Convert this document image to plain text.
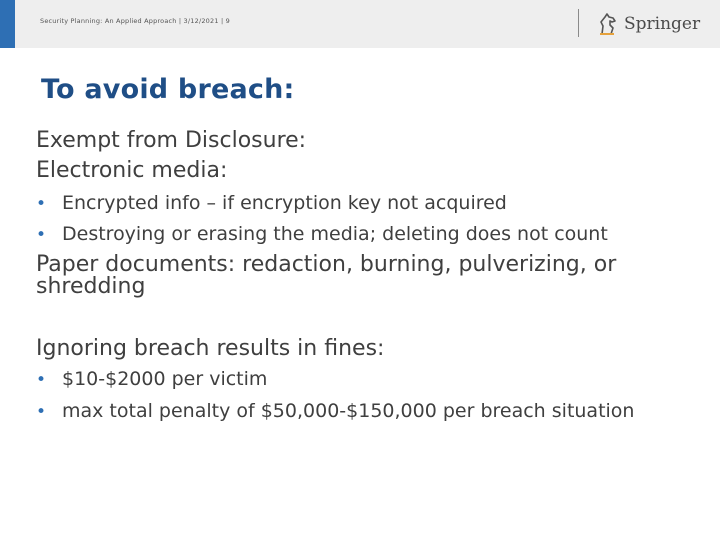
Security Planning: An Applied Approach | 3/12/2021 | 9	Springer
To avoid breach:
Exempt from Disclosure:
Electronic media:
• Encrypted info – if encryption key not acquired
• Destroying or erasing the media; deleting does not count
Paper documents: redaction, burning, pulverizing, or
shredding
Ignoring breach results in fines:
• $10-$2000 per victim
• max total penalty of $50,000-$150,000 per breach situation
